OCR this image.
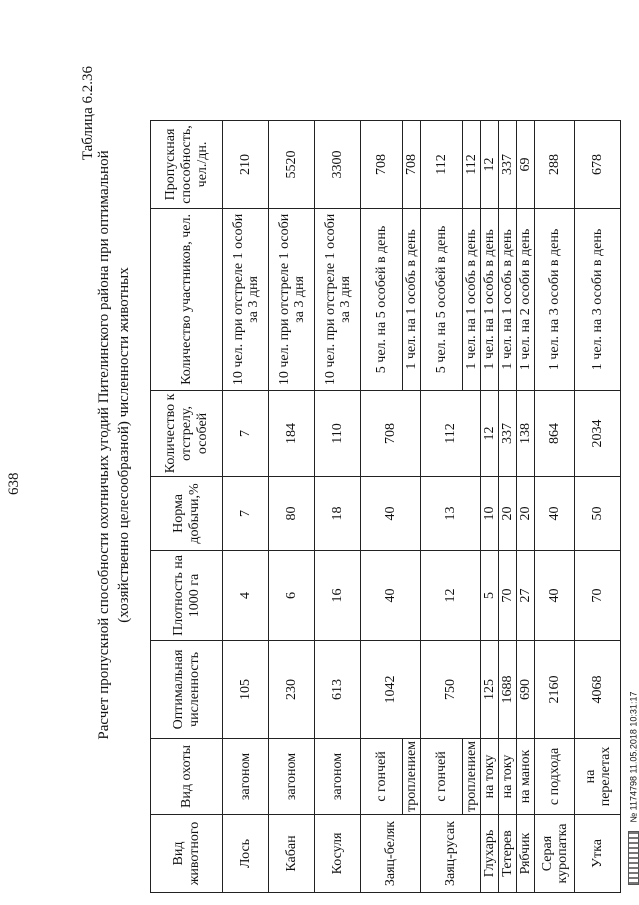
638
Таблица 6.2.36
Расчет пропускной способности охотничьих угодий Пителинского района при оптимальной (хозяйственно целесообразной) численности животных
Вид животного	Вид охоты	Оптимальная численность	Плотность на 1000 га	Норма добычи,%	Количество к отстрелу, особей	Количество участников, чел.	Пропускная способность, чел./дн.
Лось	загоном	105	4	7	7	10 чел. при отстреле 1 особи за 3 дня	210
Кабан	загоном	230	6	80	184	10 чел. при отстреле 1 особи за 3 дня	5520
Косуля	загоном	613	16	18	110	10 чел. при отстреле 1 особи за 3 дня	3300
Заяц-беляк	с гончей	1042	40	40	708	5 чел. на 5 особей в день	708
	троплением					1 чел. на 1 особь в день	708
Заяц-русак	с гончей	750	12	13	112	5 чел. на 5 особей в день	112
	троплением					1 чел. на 1 особь в день	112
Глухарь	на току	125	5	10	12	1 чел. на 1 особь в день	12
Тетерев	на току	1688	70	20	337	1 чел. на 1 особь в день	337
Рябчик	на манок	690	27	20	138	1 чел. на 2 особи в день	69
Серая куропатка	с подхода	2160	40	40	864	1 чел. на 3 особи в день	288
Утка	на перелетах	4068	70	50	2034	1 чел. на 3 особи в день	678
№ 1174798 11.05.2018 10:31:17
